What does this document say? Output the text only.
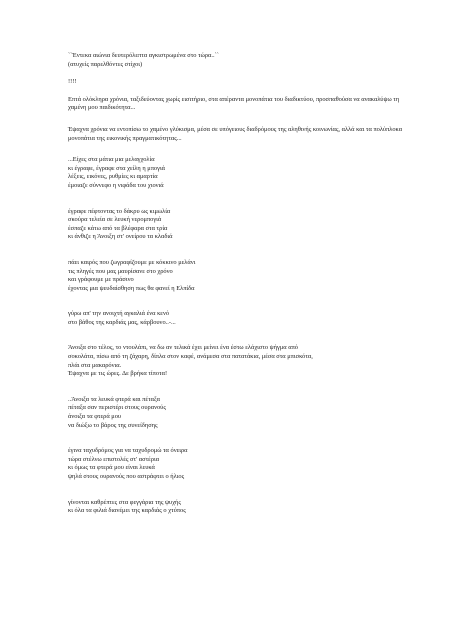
``Έντεκα αιώνια δευτερόλεπτα αγκιστρωμένα στο τώρα..``
(ατυχείς παρελθόντες στίχοι)

!!!!

Επτά ολόκληρα χρόνια, ταξιδεύοντας χωρίς εισιτήριο, στα απέραντα μονοπάτια του διαδικτύου, προσπαθούσα να ανακαλύψω τη χαμένη μου παιδικότητα...

Έψαχνα χρόνια να εντοπίσω το χαμένο γλύκισμα, μέσα σε υπόγειους διαδρόμους της αληθινής κοινωνίας, αλλά και τα πολύπλοκα μονοπάτια της εικονικής πραγματικότητας...

...Είχες στα μάτια μια μελαγχολία
κι έγραφε, έγραφε στα χείλη η μπογιά
λέξεις, εικόνες, ρυθμίες κι αμαρτία
έμοιαζε σύννεφο η νιφάδα του χιονιά

έγραφε πέφτοντας το δάκρυ ως κιμωλία
σκούρα τελεία σε λευκή νερομπογιά
έσπαζε κάτω από τα βλέφαρα στα τρία
κι άνθιζε η Άνοιξη στ' ονείρου τα κλαδιά

πάει καιρός που ζωγραφίζουμε με κόκκινο μελάνι
τις πληγές που μας μαυρίσανε στο χρόνο
και γράφουμε με πράσινο
έχοντας μια ψευδαίσθηση πως θα φανεί η Ελπίδα

γύρω απ' την ανοιχτή αγκαλιά ένα κενό
στο βάθος της καρδιάς μας, κάρβουνο..-...

Άνοιξα στο τέλος, το ντουλάπι, να δω αν τελικά έχει μείνει ένα έστω ελάχιστο ψήγμα από
σοκολάτα, πίσω από τη ζάχαρη, δίπλα στον καφέ, ανάμεσα στα πατατάκια, μέσα στα μπισκότα,
πλάι στα μακαρόνια.
Έψαχνα με τις ώρες. Δε βρήκα τίποτα!

..Άνοιξα τα λευκά φτερά και πέταξα
πέταξα σαν περιστέρι στους ουρανούς
άνοιξα τα φτερά μου
να διώξω το βάρος της συνείδησης

έγινα ταχυδρόμος για να ταχυδρομώ τα όνειρα
τώρα στέλνω επιστολές στ' αστέρια
κι όμως τα φτερά μου είναι λευκά
ψηλά στους ουρανούς που αστράφτει ο ήλιος

γίνονται καθρέπτες στα φεγγάρια της ψυχής
κι όλα τα φιλιά διανέμει της καρδιάς ο χτύπος
